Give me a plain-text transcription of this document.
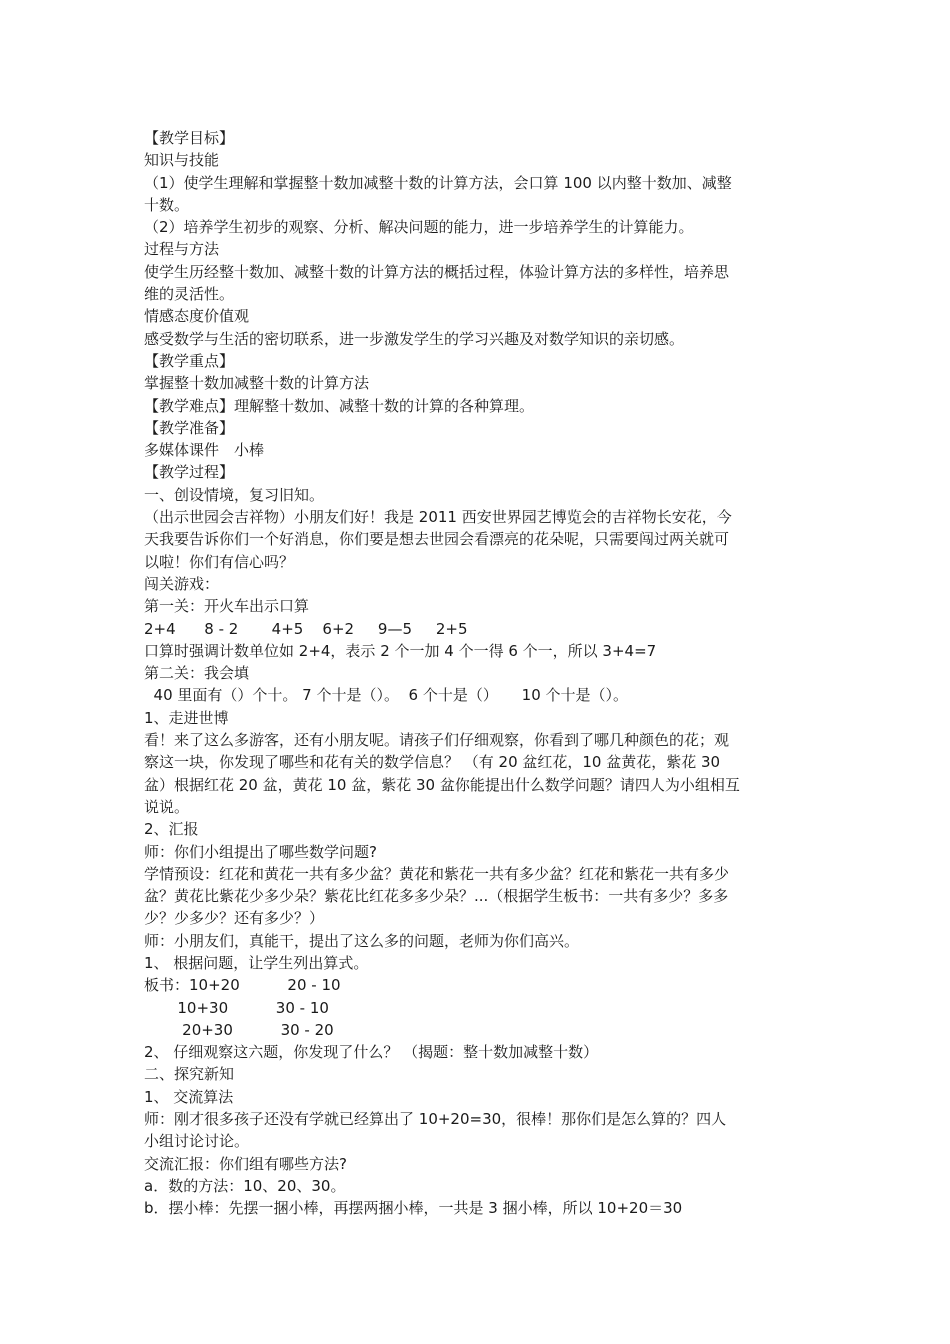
【教学目标】
知识与技能
（1）使学生理解和掌握整十数加减整十数的计算方法，会口算 100 以内整十数加、减整
十数。
（2）培养学生初步的观察、分析、解决问题的能力，进一步培养学生的计算能力。
过程与方法
使学生历经整十数加、减整十数的计算方法的概括过程，体验计算方法的多样性，培养思
维的灵活性。
情感态度价值观
感受数学与生活的密切联系，进一步激发学生的学习兴趣及对数学知识的亲切感。
【教学重点】
掌握整十数加减整十数的计算方法
【教学难点】理解整十数加、减整十数的计算的各种算理。
【教学准备】
多媒体课件　小棒
【教学过程】
一、创设情境，复习旧知。
（出示世园会吉祥物）小朋友们好！我是 2011 西安世界园艺博览会的吉祥物长安花，今
天我要告诉你们一个好消息，你们要是想去世园会看漂亮的花朵呢，只需要闯过两关就可
以啦！你们有信心吗？
闯关游戏：
第一关：开火车出示口算
2+4      8 - 2       4+5    6+2     9—5     2+5
口算时强调计数单位如 2+4，表示 2 个一加 4 个一得 6 个一，所以 3+4=7
第二关：我会填
40 里面有（）个十。 7 个十是（）。  6 个十是（）     10 个十是（）。
1、走进世博
看！来了这么多游客，还有小朋友呢。请孩子们仔细观察，你看到了哪几种颜色的花；观
察这一块，你发现了哪些和花有关的数学信息？ （有 20 盆红花，10 盆黄花，紫花 30
盆）根据红花 20 盆，黄花 10 盆，紫花 30 盆你能提出什么数学问题？请四人为小组相互
说说。
2、汇报
师：你们小组提出了哪些数学问题?
学情预设：红花和黄花一共有多少盆？黄花和紫花一共有多少盆？红花和紫花一共有多少
盆？黄花比紫花少多少朵？紫花比红花多多少朵？...（根据学生板书：一共有多少？多多
少？少多少？还有多少？）
师：小朋友们，真能干，提出了这么多的问题，老师为你们高兴。
1、 根据问题，让学生列出算式。
板书：10+20          20 - 10
10+30          30 - 10
20+30          30 - 20
2、 仔细观察这六题，你发现了什么？ （揭题：整十数加减整十数）
二、探究新知
1、 交流算法
师：刚才很多孩子还没有学就已经算出了 10+20=30，很棒！那你们是怎么算的？四人
小组讨论讨论。
交流汇报：你们组有哪些方法?
a．数的方法：10、20、30。
b．摆小棒：先摆一捆小棒，再摆两捆小棒，一共是 3 捆小棒，所以 10+20＝30
